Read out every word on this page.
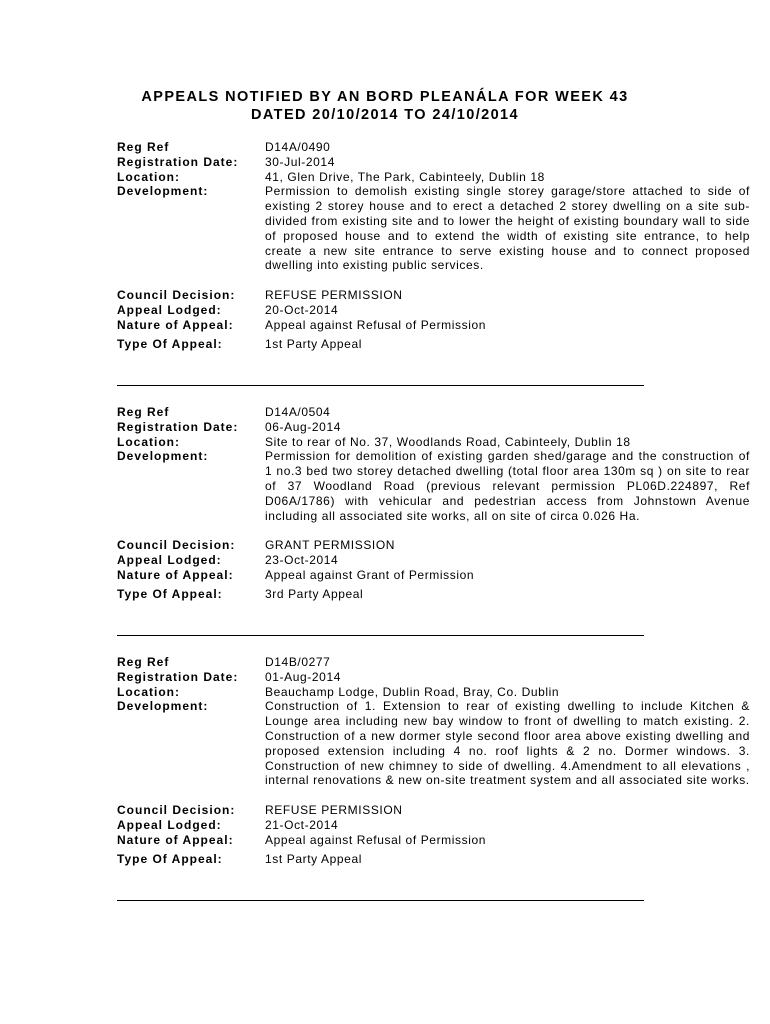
APPEALS NOTIFIED BY AN BORD PLEANÁLA FOR WEEK 43
DATED 20/10/2014 TO 24/10/2014
Reg Ref	D14A/0490
Registration Date:	30-Jul-2014
Location:	41, Glen Drive, The Park, Cabinteely, Dublin 18
Development:	Permission to demolish existing single storey garage/store attached to side of existing 2 storey house and to erect a detached 2 storey dwelling on a site sub-divided from existing site and to lower the height of existing boundary wall to side of proposed house and to extend the width of existing site entrance, to help create a new site entrance to serve existing house and to connect proposed dwelling into existing public services.
Council Decision:	REFUSE PERMISSION
Appeal Lodged:	20-Oct-2014
Nature of Appeal:	Appeal against Refusal of Permission
Type Of Appeal:	1st Party Appeal
Reg Ref	D14A/0504
Registration Date:	06-Aug-2014
Location:	Site to rear of No. 37, Woodlands Road, Cabinteely, Dublin 18
Development:	Permission for demolition of existing garden shed/garage and the construction of 1 no.3 bed two storey detached dwelling (total floor area 130m sq ) on site to rear of 37 Woodland Road (previous relevant permission PL06D.224897, Ref D06A/1786) with vehicular and pedestrian access from Johnstown Avenue including all associated site works, all on site of circa 0.026 Ha.
Council Decision:	GRANT PERMISSION
Appeal Lodged:	23-Oct-2014
Nature of Appeal:	Appeal against Grant of Permission
Type Of Appeal:	3rd Party Appeal
Reg Ref	D14B/0277
Registration Date:	01-Aug-2014
Location:	Beauchamp Lodge, Dublin Road, Bray, Co. Dublin
Development:	Construction of 1. Extension to rear of existing dwelling to include Kitchen & Lounge area including new bay window to front of dwelling to match existing. 2. Construction of a new dormer style second floor area above existing dwelling and proposed extension including 4 no. roof lights & 2 no. Dormer windows. 3. Construction of new chimney to side of dwelling. 4.Amendment to all elevations , internal renovations & new on-site treatment system and all associated site works.
Council Decision:	REFUSE PERMISSION
Appeal Lodged:	21-Oct-2014
Nature of Appeal:	Appeal against Refusal of Permission
Type Of Appeal:	1st Party Appeal
